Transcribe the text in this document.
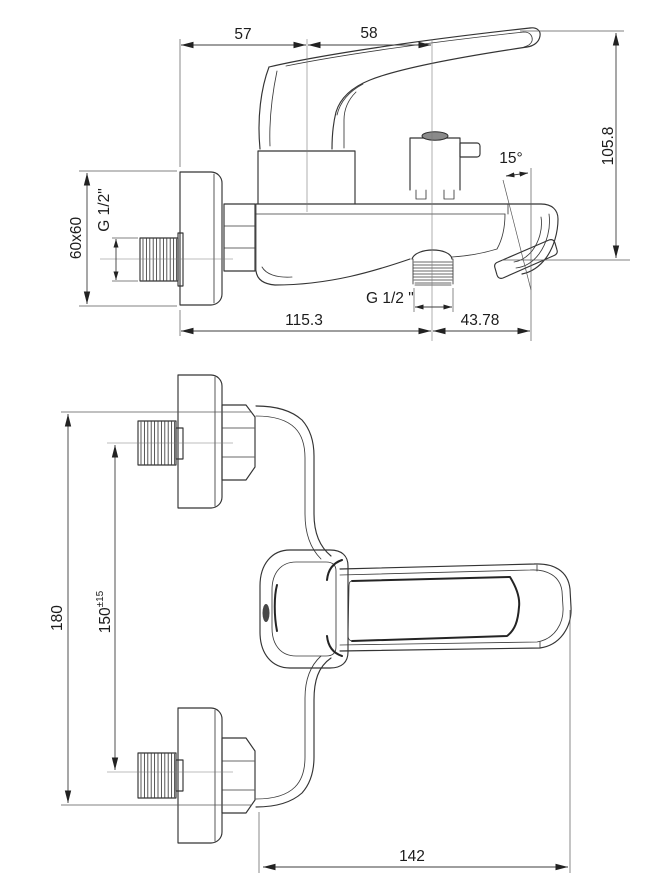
57	58
105.8
60x60
G 1/2"
115.3	43.78
15°
G 1/2 "
180 $150^{\pm 15}$
142
